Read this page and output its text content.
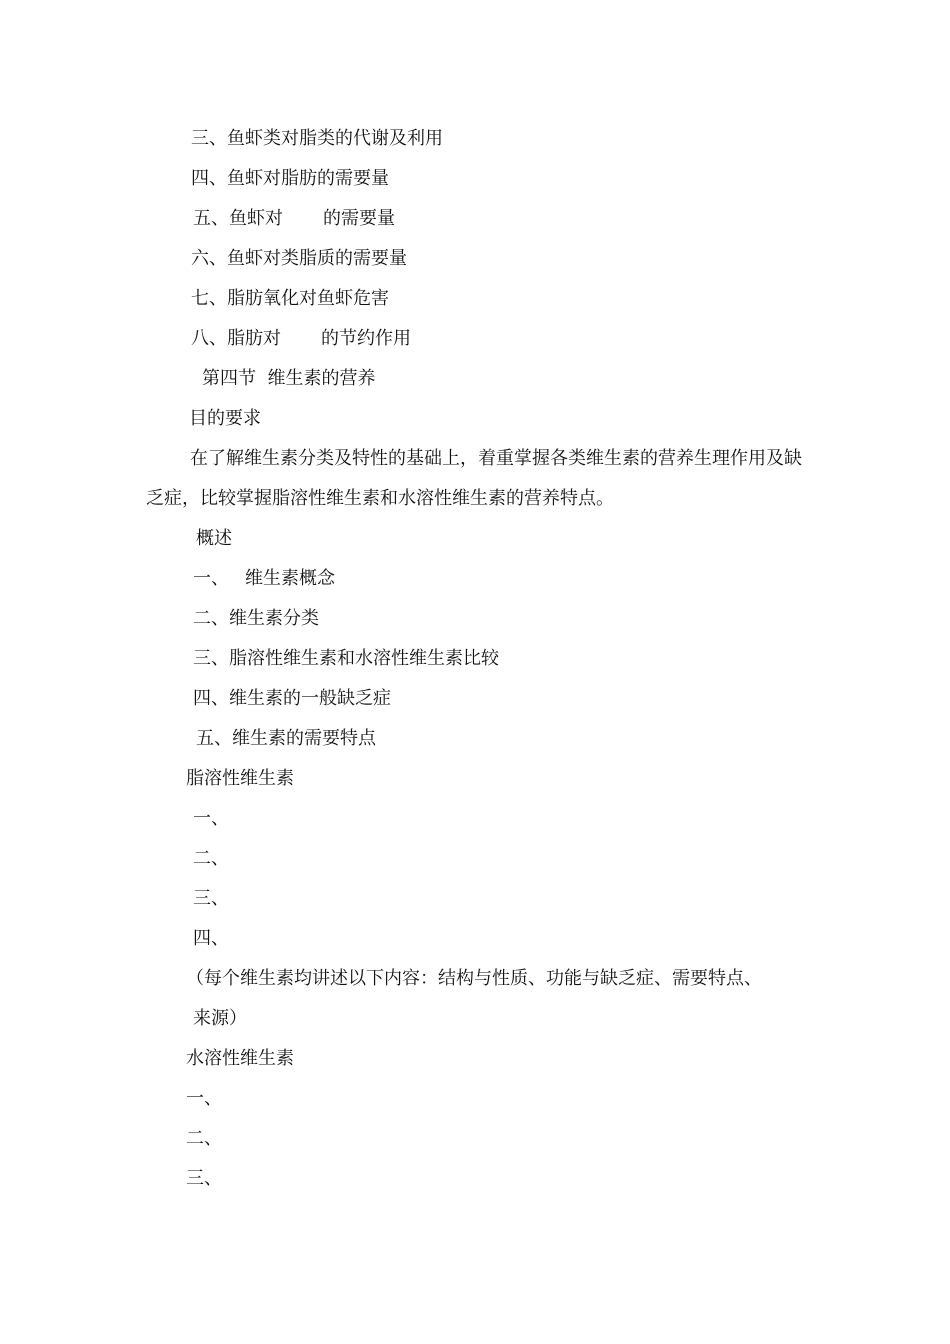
三、鱼虾类对脂类的代谢及利用

四、鱼虾对脂肪的需要量

五、鱼虾对 的需要量

六、鱼虾对类脂质的需要量

七、脂肪氧化对鱼虾危害

八、脂肪对 的节约作用

第四节  维生素的营养

目的要求

在了解维生素分类及特性的基础上，着重掌握各类维生素的营养生理作用及缺乏症，比较掌握脂溶性维生素和水溶性维生素的营养特点。

概述

一、 维生素概念

二、维生素分类

三、脂溶性维生素和水溶性维生素比较

四、维生素的一般缺乏症

五、维生素的需要特点

脂溶性维生素

一、

二、

三、

四、

（每个维生素均讲述以下内容：结构与性质、功能与缺乏症、需要特点、

来源）

水溶性维生素

一、

二、

三、
